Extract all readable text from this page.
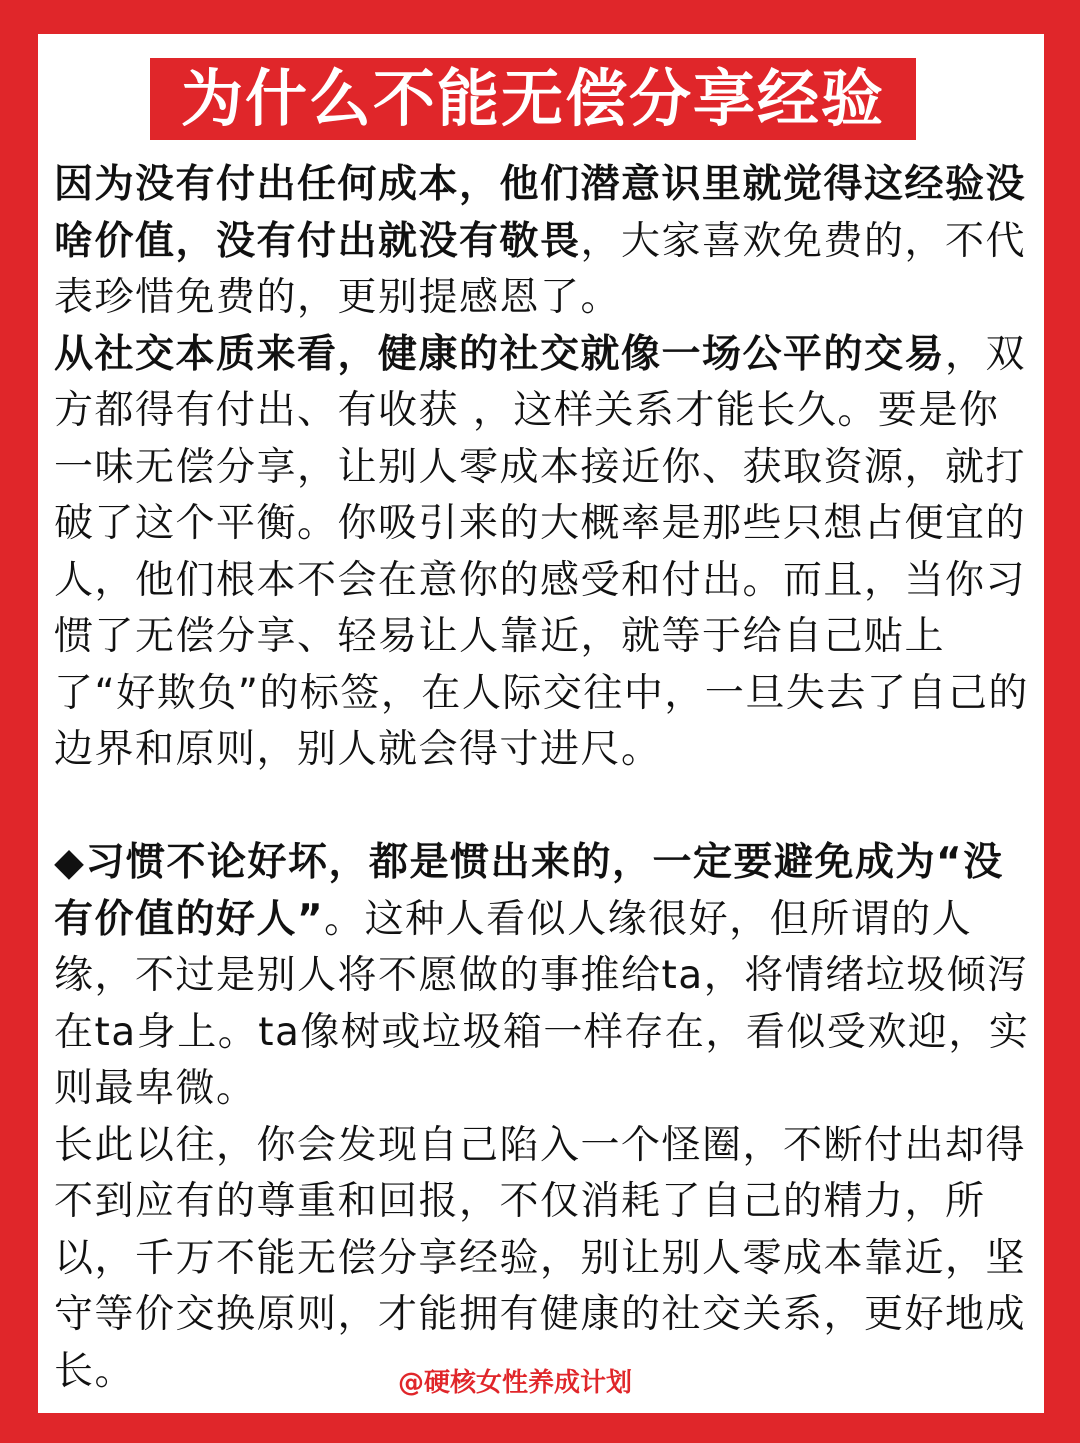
为什么不能无偿分享经验

因为没有付出任何成本，他们潜意识里就觉得这经验没啥价值，没有付出就没有敬畏，大家喜欢免费的，不代表珍惜免费的，更别提感恩了。

从社交本质来看，健康的社交就像一场公平的交易，双方都得有付出、有收获 ，这样关系才能长久。要是你一味无偿分享，让别人零成本接近你、获取资源，就打破了这个平衡。你吸引来的大概率是那些只想占便宜的人，他们根本不会在意你的感受和付出。而且，当你习惯了无偿分享、轻易让人靠近，就等于给自己贴上了“好欺负”的标签，在人际交往中，一旦失去了自己的边界和原则，别人就会得寸进尺。

◆习惯不论好坏，都是惯出来的，一定要避免成为“没有价值的好人”。这种人看似人缘很好，但所谓的人缘，不过是别人将不愿做的事推给ta，将情绪垃圾倾泻在ta身上。ta像树或垃圾箱一样存在，看似受欢迎，实则最卑微。

长此以往，你会发现自己陷入一个怪圈，不断付出却得不到应有的尊重和回报，不仅消耗了自己的精力，所以，千万不能无偿分享经验，别让别人零成本靠近，坚守等价交换原则，才能拥有健康的社交关系，更好地成长。	@硬核女性养成计划
